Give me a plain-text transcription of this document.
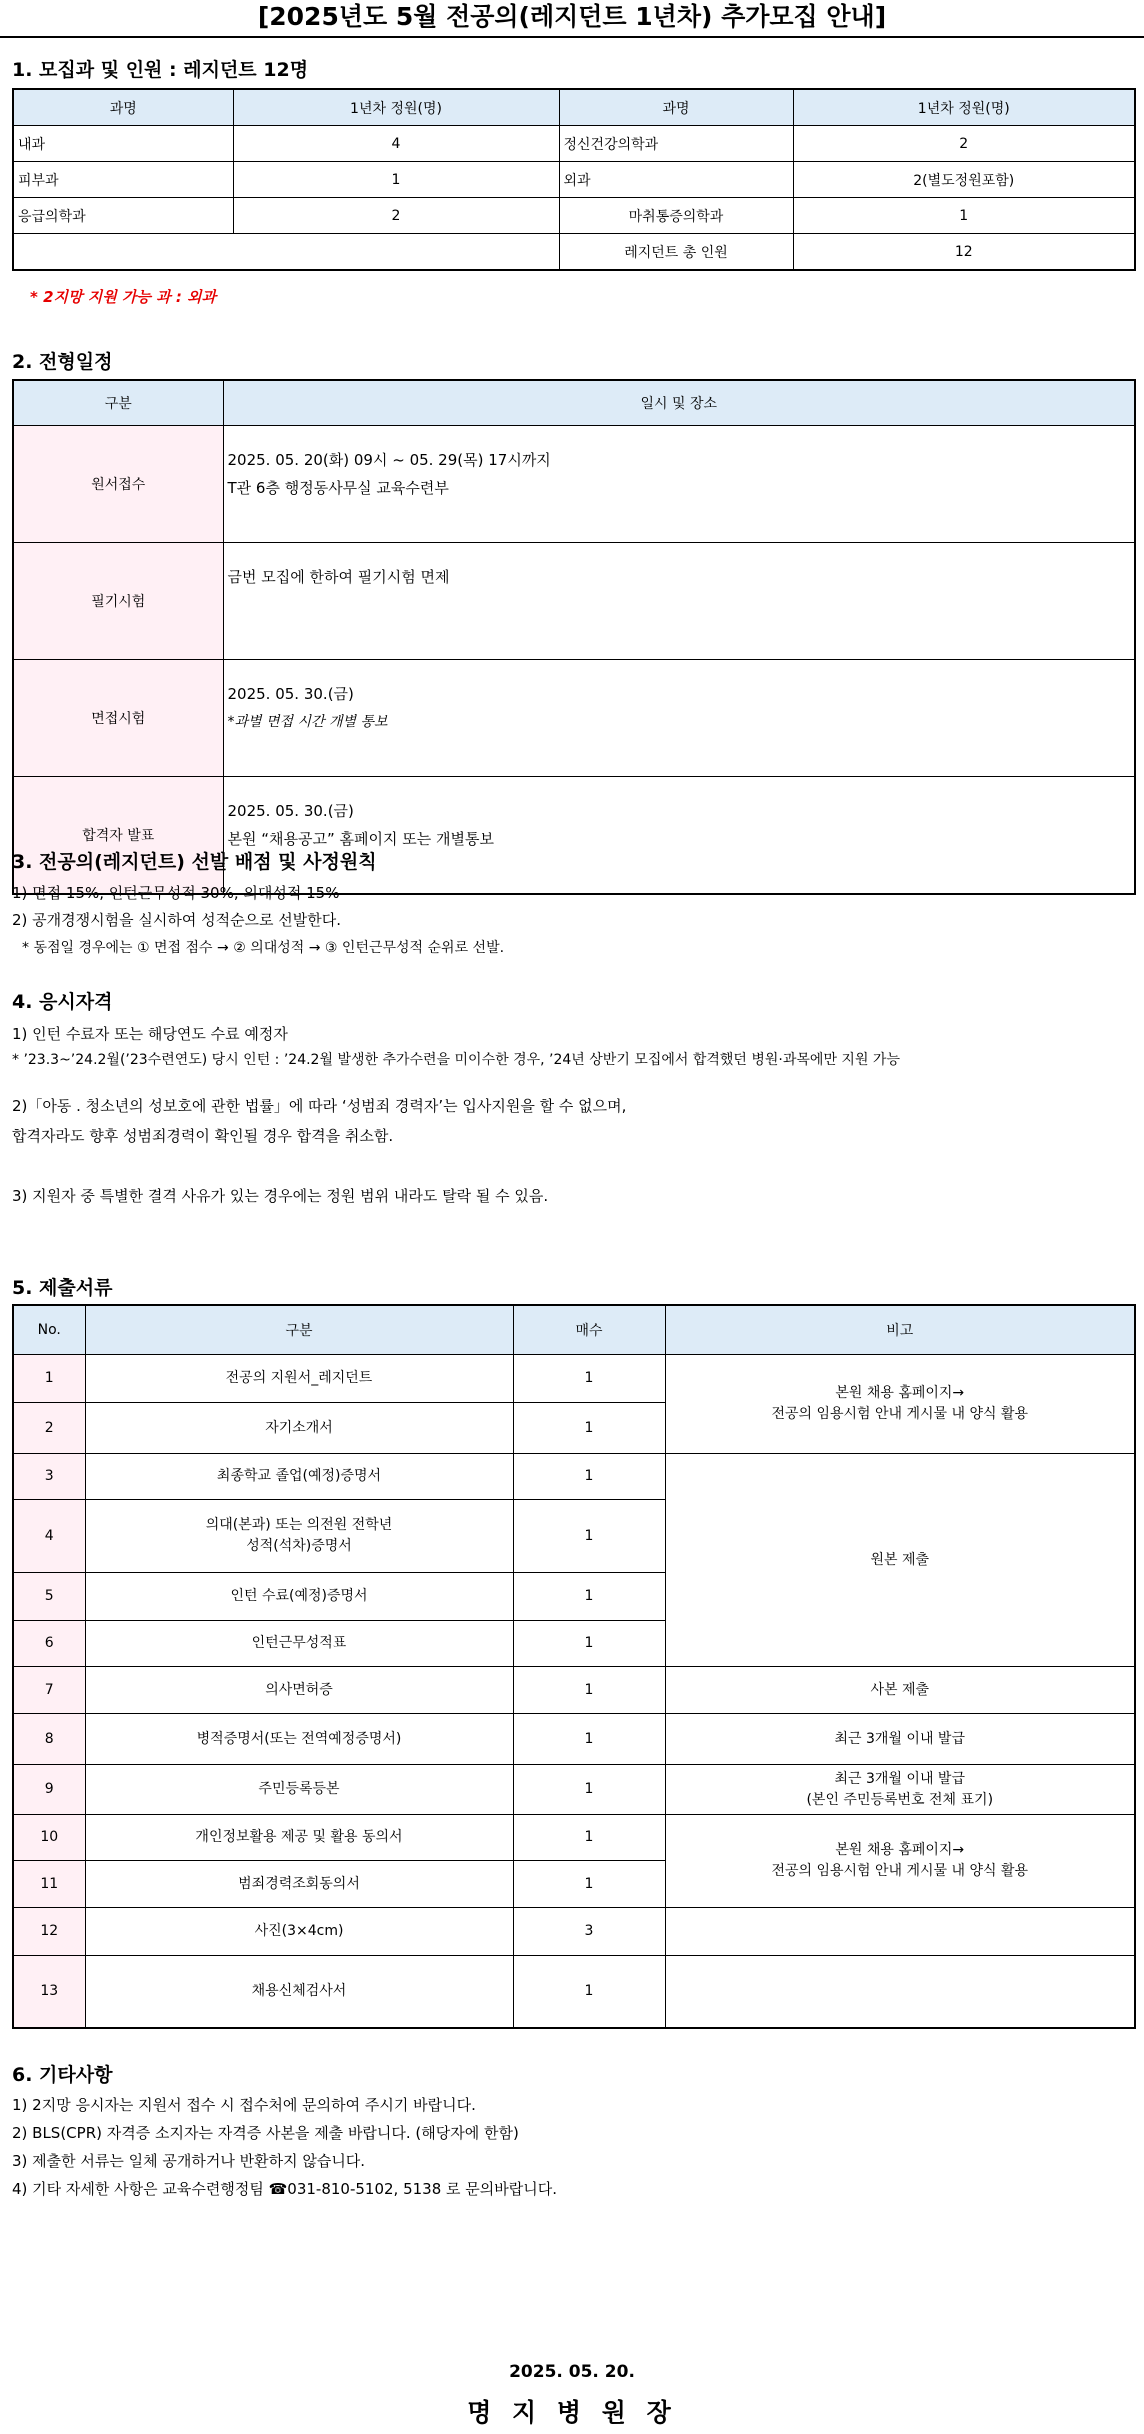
[2025년도 5월 전공의(레지던트 1년차) 추가모집 안내]
1. 모집과 및 인원 : 레지던트 12명
과명	1년차 정원(명)	과명	1년차 정원(명)
내과	4	정신건강의학과	2
피부과	1	외과	2(별도정원포함)
응급의학과	2	마취통증의학과	1
		레지던트 총 인원	12
* 2지망 지원 가능 과 : 외과
2. 전형일정
구분	일시 및 장소
원서접수	2025. 05. 20(화) 09시 ~ 05. 29(목) 17시까지
T관 6층 행정동사무실 교육수련부

필기시험	금번 모집에 한하여 필기시험 면제

면접시험	2025. 05. 30.(금)
*과별 면접 시간 개별 통보

합격자 발표	2025. 05. 30.(금)
본원 “채용공고” 홈페이지 또는 개별통보
3. 전공의(레지던트) 선발 배점 및 사정원칙
1) 면접 15%, 인턴근무성적 30%, 의대성적 15%
2) 공개경쟁시험을 실시하여 성적순으로 선발한다.
* 동점일 경우에는 ① 면접 점수 → ② 의대성적 → ③ 인턴근무성적 순위로 선발.
4. 응시자격
1) 인턴 수료자 또는 해당연도 수료 예정자
* ’23.3~’24.2월(’23수련연도) 당시 인턴 : ’24.2월 발생한 추가수련을 미이수한 경우, ’24년 상반기 모집에서 합격했던 병원·과목에만 지원 가능
2)「아동 . 청소년의 성보호에 관한 법률」에 따라 ‘성범죄 경력자’는 입사지원을 할 수 없으며,
합격자라도 향후 성범죄경력이 확인될 경우 합격을 취소함.
3) 지원자 중 특별한 결격 사유가 있는 경우에는 정원 범위 내라도 탈락 될 수 있음.
5. 제출서류
No.	구분	매수	비고
1	전공의 지원서_레지던트	1	본원 채용 홈페이지→
전공의 임용시험 안내 게시물 내 양식 활용
2	자기소개서	1	
3	최종학교 졸업(예정)증명서	1	원본 제출
4	의대(본과) 또는 의전원 전학년
성적(석차)증명서	1	
5	인턴 수료(예정)증명서	1	
6	인턴근무성적표	1	
7	의사면허증	1	사본 제출
8	병적증명서(또는 전역예정증명서)	1	최근 3개월 이내 발급
9	주민등록등본	1	최근 3개월 이내 발급
(본인 주민등록번호 전체 표기)
10	개인정보활용 제공 및 활용 동의서	1	본원 채용 홈페이지→
전공의 임용시험 안내 게시물 내 양식 활용
11	범죄경력조회동의서	1	
12	사진(3×4cm)	3	
13	채용신체검사서	1	
6. 기타사항
1) 2지망 응시자는 지원서 접수 시 접수처에 문의하여 주시기 바랍니다.
2) BLS(CPR) 자격증 소지자는 자격증 사본을 제출 바랍니다. (해당자에 한함)
3) 제출한 서류는 일체 공개하거나 반환하지 않습니다.
4) 기타 자세한 사항은 교육수련행정팀 ☎031-810-5102, 5138 로 문의바랍니다.
2025. 05. 20.
명 지 병 원 장
